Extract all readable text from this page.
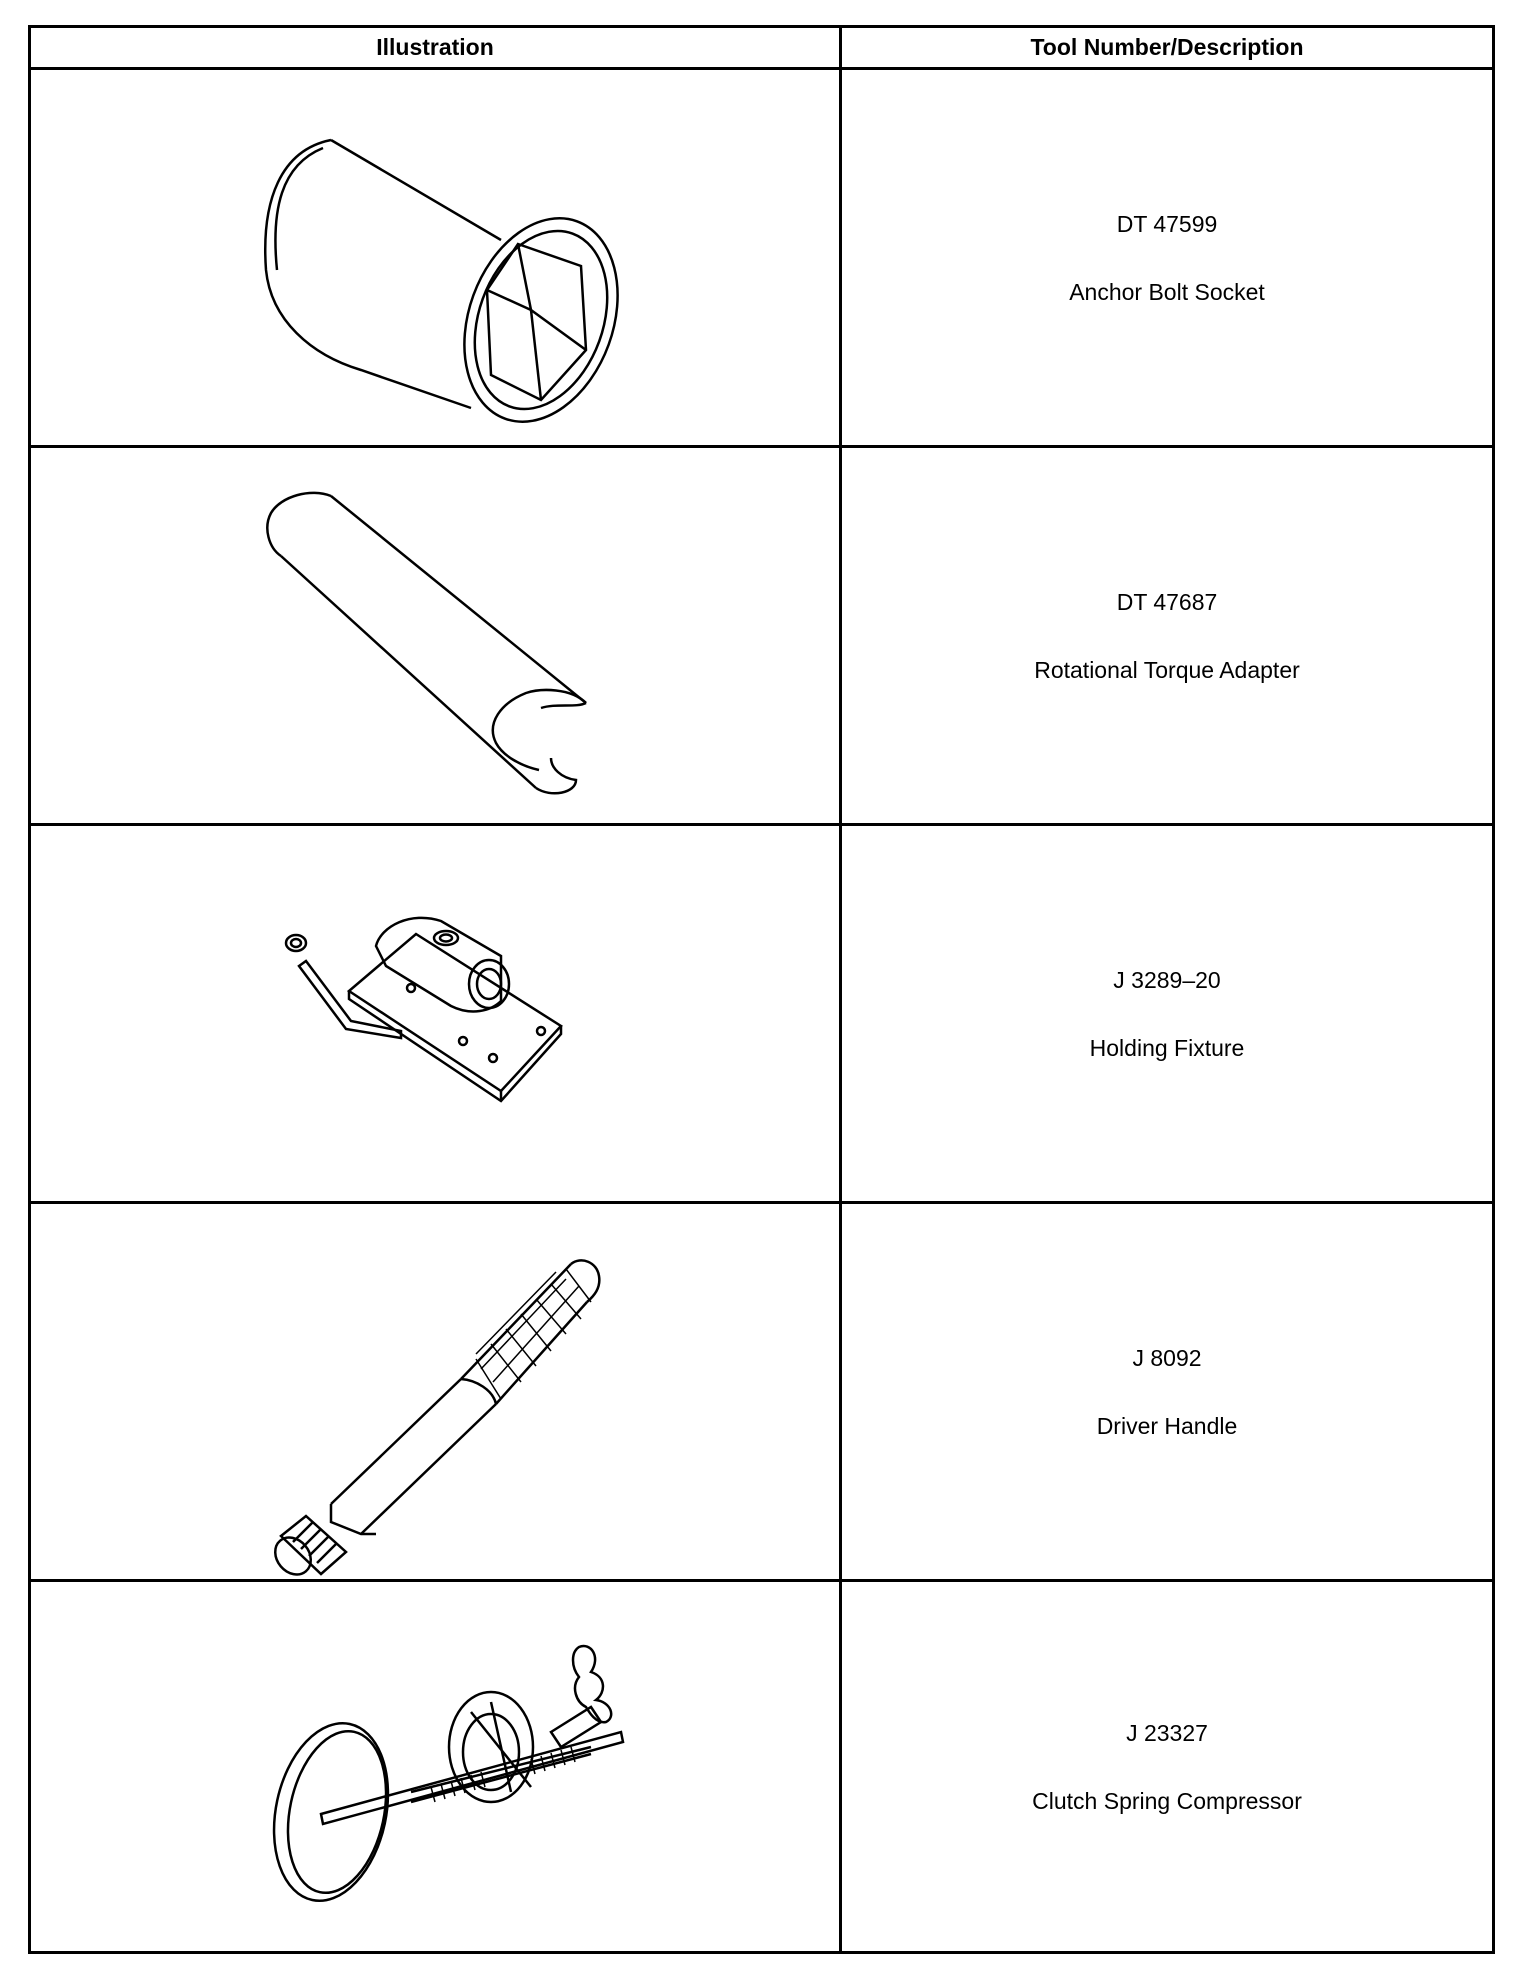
Illustration	Tool Number/Description
DT 47599
Anchor Bolt Socket
DT 47687
Rotational Torque Adapter
J 3289–20
Holding Fixture
J 8092
Driver Handle
J 23327
Clutch Spring Compressor
